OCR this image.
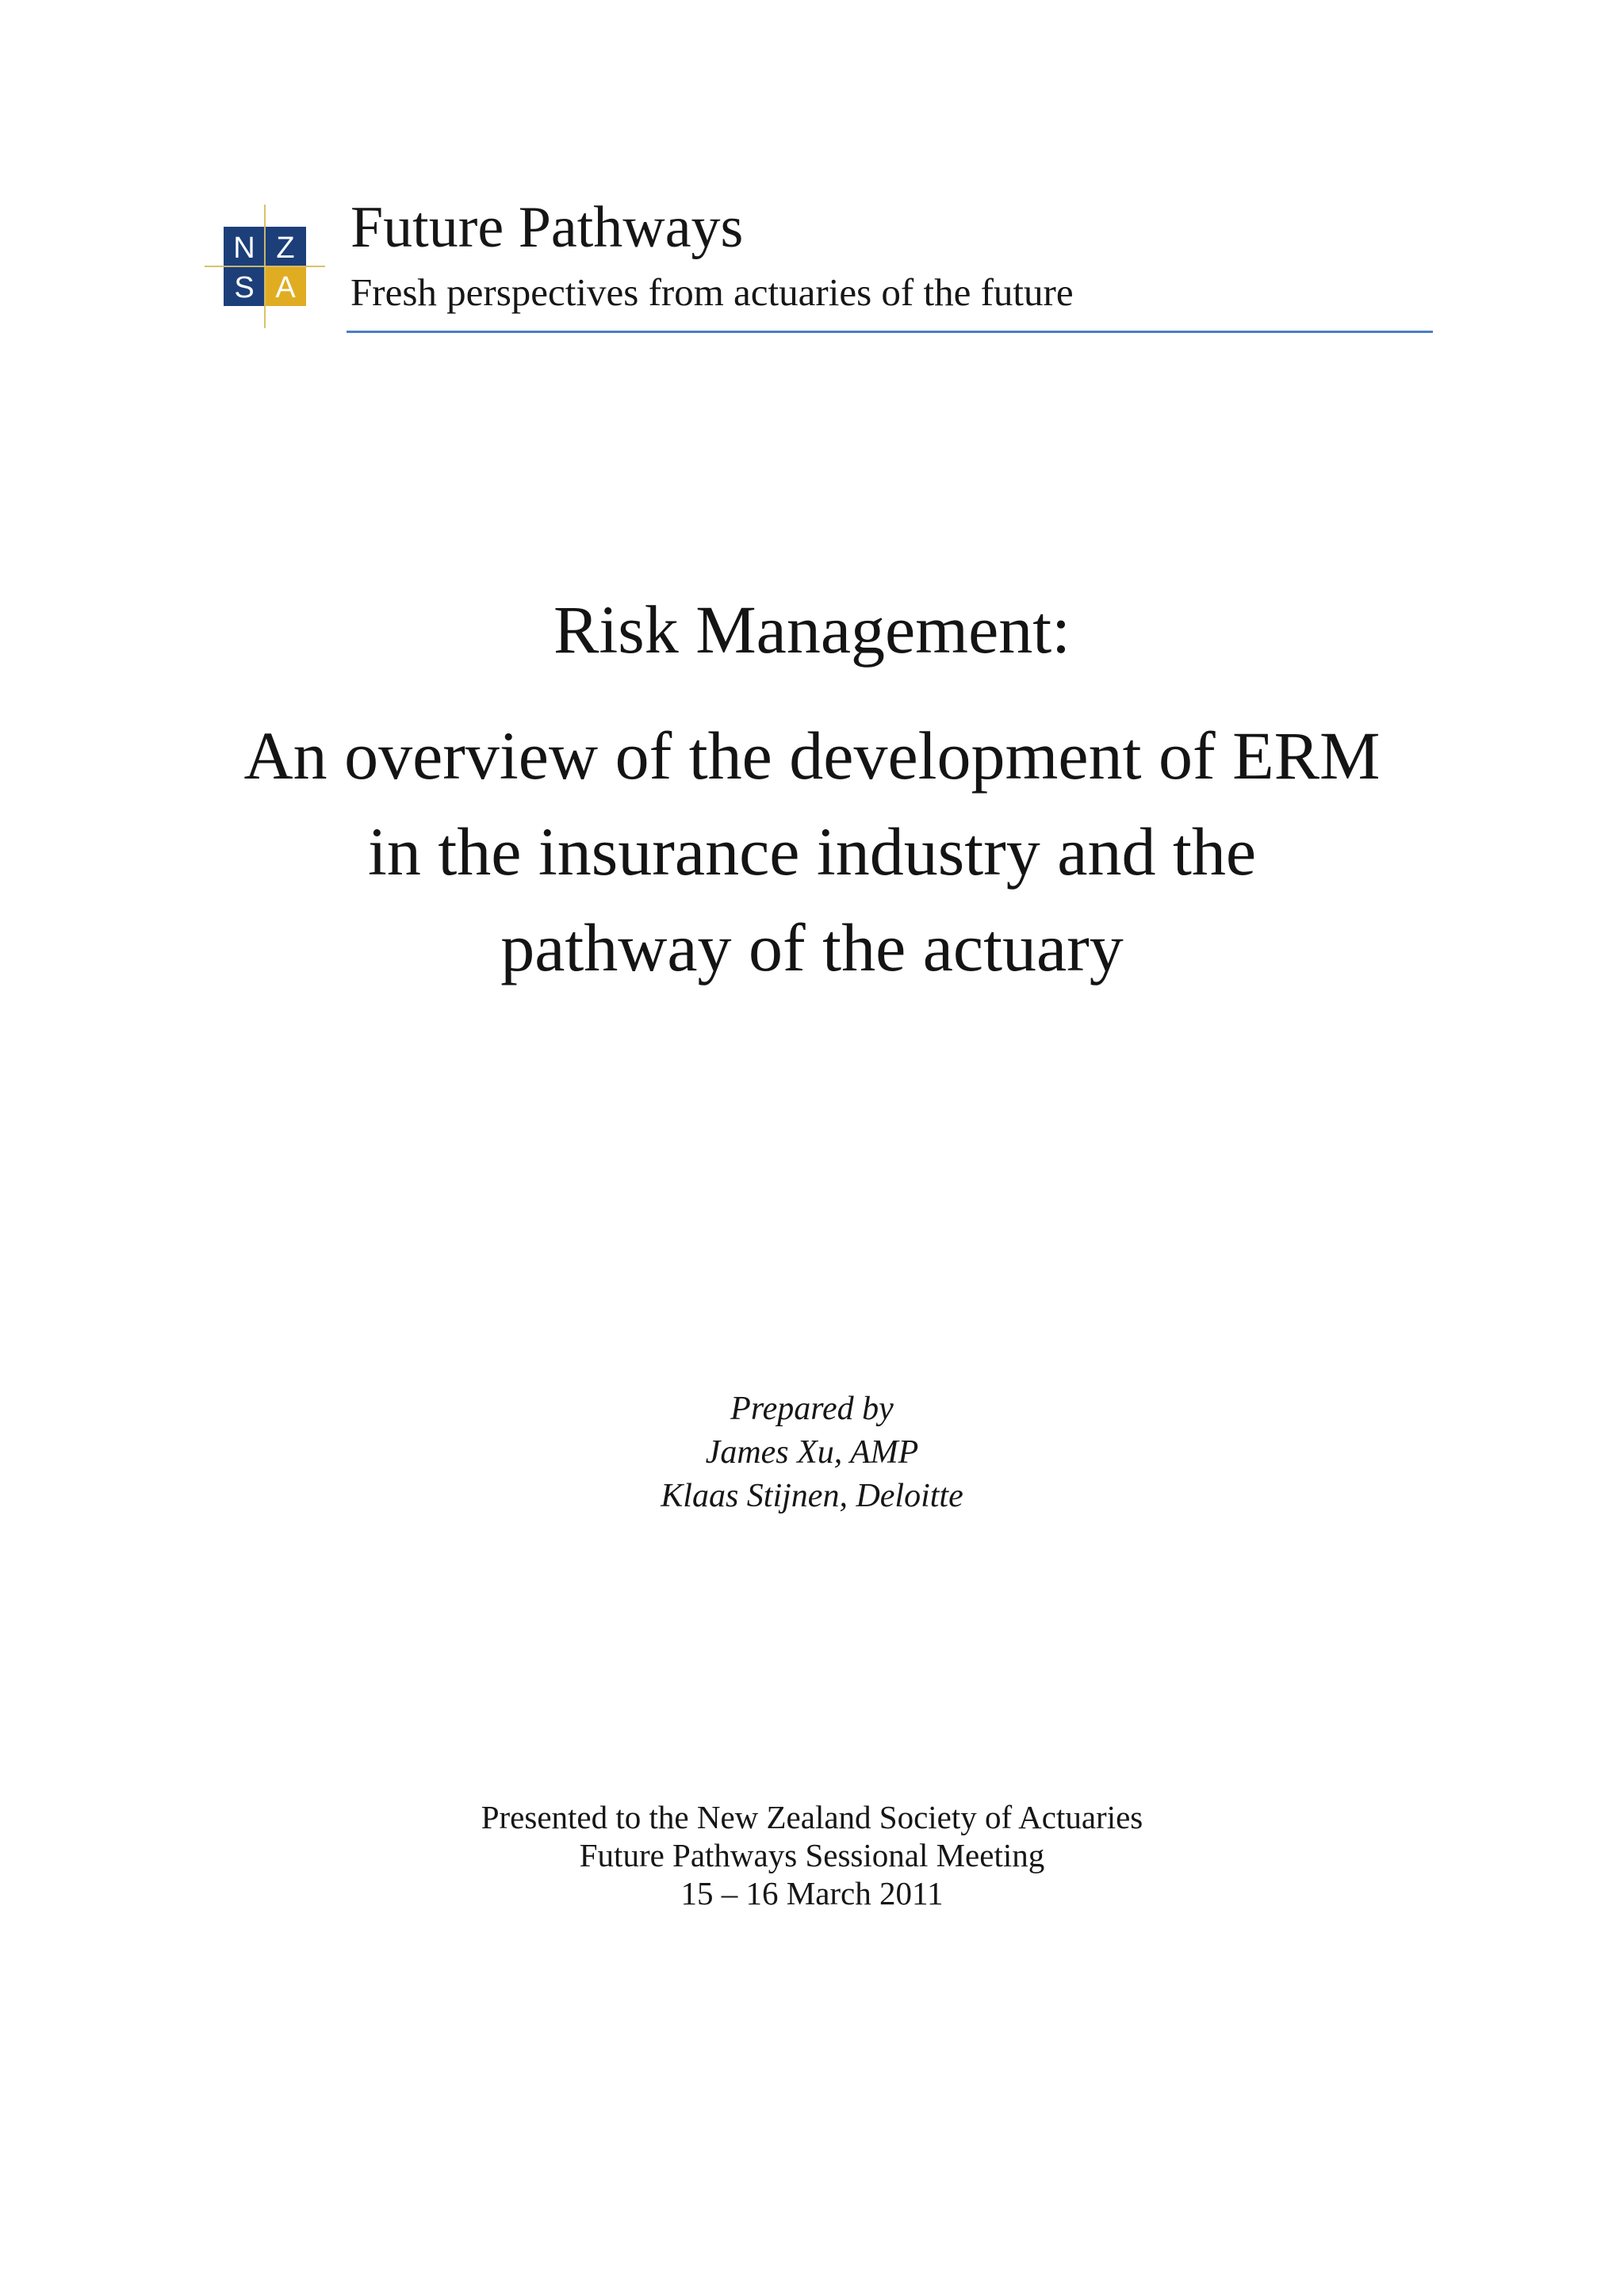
N Z
S A
Future Pathways
Fresh perspectives from actuaries of the future
Risk Management:
An overview of the development of ERM
in the insurance industry and the
pathway of the actuary
Prepared by
James Xu, AMP
Klaas Stijnen, Deloitte
Presented to the New Zealand Society of Actuaries
Future Pathways Sessional Meeting
15 – 16 March 2011
